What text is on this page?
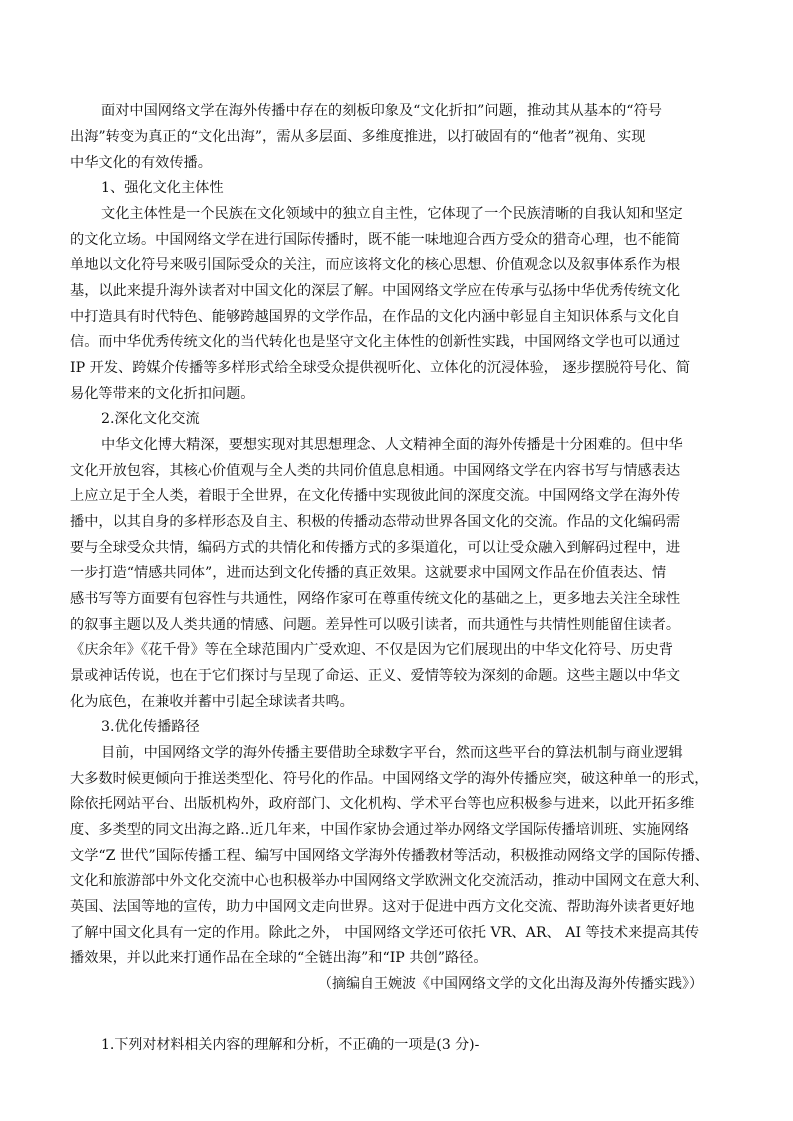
面对中国网络文学在海外传播中存在的刻板印象及“文化折扣”问题，推动其从基本的“符号
出海”转变为真正的“文化出海”，需从多层面、多维度推进，以打破固有的“他者”视角、实现
中华文化的有效传播。
1、强化文化主体性
文化主体性是一个民族在文化领域中的独立自主性，它体现了一个民族清晰的自我认知和坚定
的文化立场。中国网络文学在进行国际传播时，既不能一味地迎合西方受众的猎奇心理，也不能简
单地以文化符号来吸引国际受众的关注，而应该将文化的核心思想、价值观念以及叙事体系作为根
基，以此来提升海外读者对中国文化的深层了解。中国网络文学应在传承与弘扬中华优秀传统文化
中打造具有时代特色、能够跨越国界的文学作品，在作品的文化内涵中彰显自主知识体系与文化自
信。而中华优秀传统文化的当代转化也是坚守文化主体性的创新性实践，中国网络文学也可以通过
IP 开发、跨媒介传播等多样形式给全球受众提供视听化、立体化的沉浸体验， 逐步摆脱符号化、简
易化等带来的文化折扣问题。
2.深化文化交流
中华文化博大精深，要想实现对其思想理念、人文精神全面的海外传播是十分困难的。但中华
文化开放包容，其核心价值观与全人类的共同价值息息相通。中国网络文学在内容书写与情感表达
上应立足于全人类，着眼于全世界，在文化传播中实现彼此间的深度交流。中国网络文学在海外传
播中，以其自身的多样形态及自主、积极的传播动态带动世界各国文化的交流。作品的文化编码需
要与全球受众共情，编码方式的共情化和传播方式的多渠道化，可以让受众融入到解码过程中，进
一步打造“情感共同体”，进而达到文化传播的真正效果。这就要求中国网文作品在价值表达、情
感书写等方面要有包容性与共通性，网络作家可在尊重传统文化的基础之上，更多地去关注全球性
的叙事主题以及人类共通的情感、问题。差异性可以吸引读者，而共通性与共情性则能留住读者。
《庆余年》《花千骨》等在全球范围内广受欢迎、不仅是因为它们展现出的中华文化符号、历史背
景或神话传说，也在于它们探讨与呈现了命运、正义、爱情等较为深刻的命题。这些主题以中华文
化为底色，在兼收并蓄中引起全球读者共鸣。
3.优化传播路径
目前，中国网络文学的海外传播主要借助全球数字平台，然而这些平台的算法机制与商业逻辑
大多数时候更倾向于推送类型化、符号化的作品。中国网络文学的海外传播应突，破这种单一的形式，
除依托网站平台、出版机构外，政府部门、文化机构、学术平台等也应积极参与进来，以此开拓多维
度、多类型的同文出海之路..近几年来，中国作家协会通过举办网络文学国际传播培训班、实施网络
文学“Z 世代”国际传播工程、编写中国网络文学海外传播教材等活动，积极推动网络文学的国际传播、
文化和旅游部中外文化交流中心也积极举办中国网络文学欧洲文化交流活动，推动中国网文在意大利、
英国、法国等地的宣传，助力中国网文走向世界。这对于促进中西方文化交流、帮助海外读者更好地
了解中国文化具有一定的作用。除此之外， 中国网络文学还可依托 VR、AR、 AI 等技术来提高其传
播效果，并以此来打通作品在全球的“全链出海”和“IP 共创”路径。
（摘编自王婉波《中国网络文学的文化出海及海外传播实践》）
1.下列对材料相关内容的理解和分析，不正确的一项是(3 分)-
